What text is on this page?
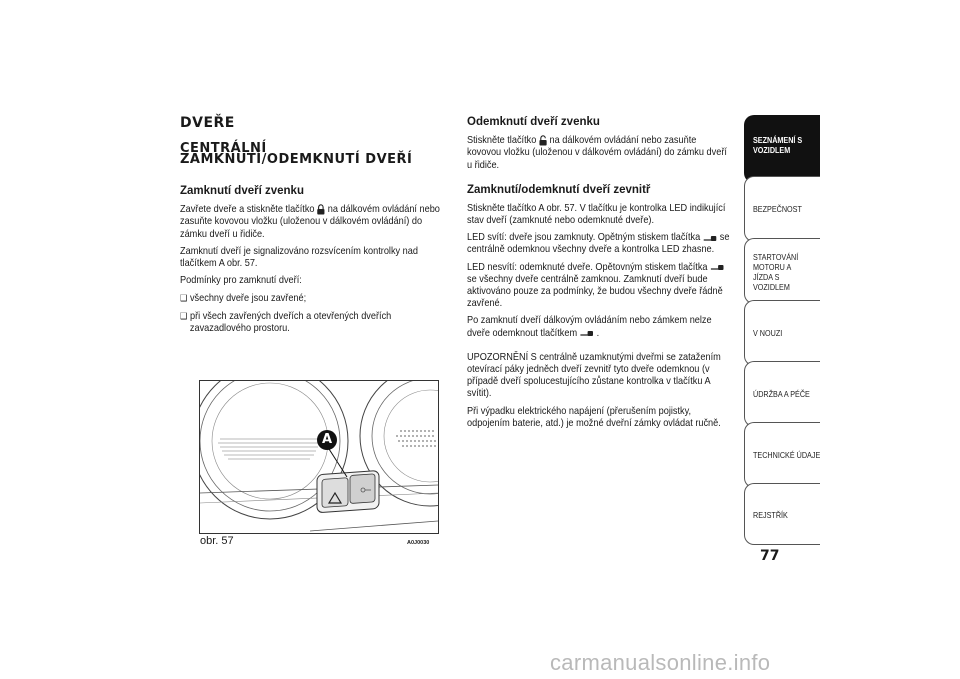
DVEŘE
CENTRÁLNÍ ZAMKNUTÍ/ODEMKNUTÍ DVEŘÍ
Zamknutí dveří zvenku

Zavřete dveře a stiskněte tlačítko na dálkovém ovládání nebo zasuňte kovovou vložku (uloženou v dálkovém ovládání) do zámku dveří u řidiče.

Zamknutí dveří je signalizováno rozsvícením kontrolky nad tlačítkem A obr. 57.

Podmínky pro zamknutí dveří:

❑ všechny dveře jsou zavřené;

❑ při všech zavřených dveřích a otevřených dveřích zavazadlového prostoru.

A
obr. 57	A0J0030
Odemknutí dveří zvenku

Stiskněte tlačítko na dálkovém ovládání nebo zasuňte kovovou vložku (uloženou v dálkovém ovládání) do zámku dveří u řidiče.

Zamknutí/odemknutí dveří zevnitř

Stiskněte tlačítko A obr. 57. V tlačítku je kontrolka LED indikující stav dveří (zamknuté nebo odemknuté dveře).

LED svítí: dveře jsou zamknuty. Opětným stiskem tlačítka se centrálně odemknou všechny dveře a kontrolka LED zhasne.

LED nesvítí: odemknuté dveře. Opětovným stiskem tlačítka  se všechny dveře centrálně zamknou. Zamknutí dveří bude aktivováno pouze za podmínky, že budou všechny dveře řádně zavřené.

Po zamknutí dveří dálkovým ovládáním nebo zámkem nelze dveře odemknout tlačítkem .

UPOZORNĚNÍ S centrálně uzamknutými dveřmi se zatažením otevírací páky jedněch dveří zevnitř tyto dveře odemknou (v případě dveří spolucestujícího zůstane kontrolka v tlačítku A svítit).

Při výpadku elektrického napájení (přerušením pojistky, odpojením baterie, atd.) je možné dveřní zámky ovládat ručně.

SEZNÁMENÍ S VOZIDLEM
BEZPEČNOST
STARTOVÁNÍ MOTORU A JÍZDA S VOZIDLEM
V NOUZI
ÚDRŽBA A PÉČE
TECHNICKÉ ÚDAJE
REJSTŘÍK
77
carmanualsonline.info
